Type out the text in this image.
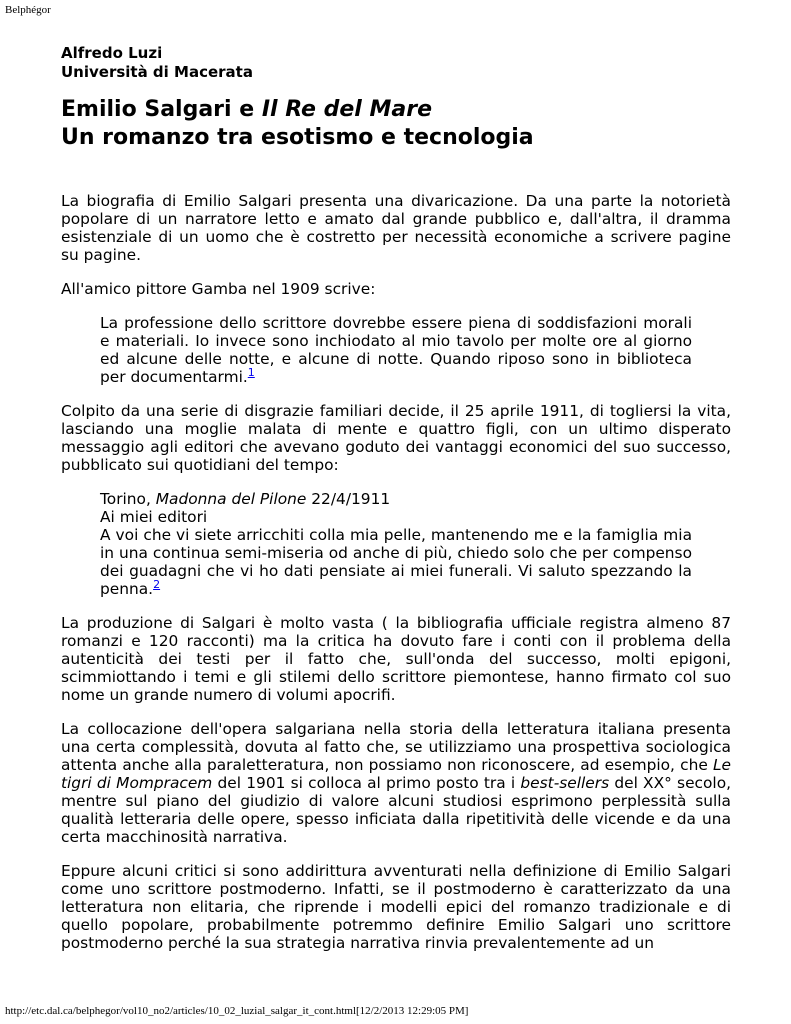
Belphégor
Alfredo Luzi
Università di Macerata
Emilio Salgari e Il Re del Mare
Un romanzo tra esotismo e tecnologia

La biografia di Emilio Salgari presenta una divaricazione. Da una parte la notorietà popolare di un narratore letto e amato dal grande pubblico e, dall'altra, il dramma esistenziale di un uomo che è costretto per necessità economiche a scrivere pagine su pagine.

All'amico pittore Gamba nel 1909 scrive:

La professione dello scrittore dovrebbe essere piena di soddisfazioni morali e materiali. Io invece sono inchiodato al mio tavolo per molte ore al giorno ed alcune delle notte, e alcune di notte. Quando riposo sono in biblioteca per documentarmi.$^1$

Colpito da una serie di disgrazie familiari decide, il 25 aprile 1911, di togliersi la vita, lasciando una moglie malata di mente e quattro figli, con un ultimo disperato messaggio agli editori che avevano goduto dei vantaggi economici del suo successo, pubblicato sui quotidiani del tempo:

Torino, Madonna del Pilone 22/4/1911

Ai miei editori

A voi che vi siete arricchiti colla mia pelle, mantenendo me e la famiglia mia in una continua semi-miseria od anche di più, chiedo solo che per compenso dei guadagni che vi ho dati pensiate ai miei funerali. Vi saluto spezzando la penna.$^2$

La produzione di Salgari è molto vasta ( la bibliografia ufficiale registra almeno 87 romanzi e 120 racconti) ma la critica ha dovuto fare i conti con il problema della autenticità dei testi per il fatto che, sull'onda del successo, molti epigoni, scimmiottando i temi e gli stilemi dello scrittore piemontese, hanno firmato col suo nome un grande numero di volumi apocrifi.

La collocazione dell'opera salgariana nella storia della letteratura italiana presenta una certa complessità, dovuta al fatto che, se utilizziamo una prospettiva sociologica attenta anche alla paraletteratura, non possiamo non riconoscere, ad esempio, che Le tigri di Mompracem del 1901 si colloca al primo posto tra i best-sellers del XX° secolo, mentre sul piano del giudizio di valore alcuni studiosi esprimono perplessità sulla qualità letteraria delle opere, spesso inficiata dalla ripetitività delle vicende e da una certa macchinosità narrativa.

Eppure alcuni critici si sono addirittura avventurati nella definizione di Emilio Salgari come uno scrittore postmoderno. Infatti, se il postmoderno è caratterizzato da una letteratura non elitaria, che riprende i modelli epici del romanzo tradizionale e di quello popolare, probabilmente potremmo definire Emilio Salgari uno scrittore postmoderno perché la sua strategia narrativa rinvia prevalentemente ad un

http://etc.dal.ca/belphegor/vol10_no2/articles/10_02_luzial_salgar_it_cont.html[12/2/2013 12:29:05 PM]
